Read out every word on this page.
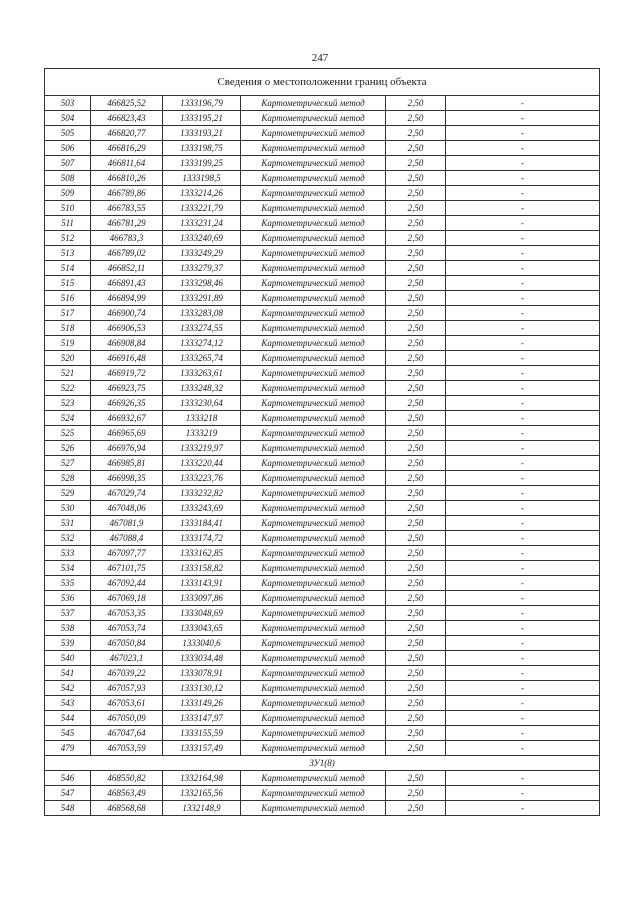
247
Сведения о местоположении границ объекта					
503	466825,52	1333196,79	Картометрический метод	2,50	-
504	466823,43	1333195,21	Картометрический метод	2,50	-
505	466820,77	1333193,21	Картометрический метод	2,50	-
506	466816,29	1333198,75	Картометрический метод	2,50	-
507	466811,64	1333199,25	Картометрический метод	2,50	-
508	466810,26	1333198,5	Картометрический метод	2,50	-
509	466789,86	1333214,26	Картометрический метод	2,50	-
510	466783,55	1333221,79	Картометрический метод	2,50	-
511	466781,29	1333231,24	Картометрический метод	2,50	-
512	466783,3	1333240,69	Картометрический метод	2,50	-
513	466789,02	1333249,29	Картометрический метод	2,50	-
514	466852,11	1333279,37	Картометрический метод	2,50	-
515	466891,43	1333298,46	Картометрический метод	2,50	-
516	466894,99	1333291,89	Картометрический метод	2,50	-
517	466900,74	1333283,08	Картометрический метод	2,50	-
518	466906,53	1333274,55	Картометрический метод	2,50	-
519	466908,84	1333274,12	Картометрический метод	2,50	-
520	466916,48	1333265,74	Картометрический метод	2,50	-
521	466919,72	1333263,61	Картометрический метод	2,50	-
522	466923,75	1333248,32	Картометрический метод	2,50	-
523	466926,35	1333230,64	Картометрический метод	2,50	-
524	466932,67	1333218	Картометрический метод	2,50	-
525	466965,69	1333219	Картометрический метод	2,50	-
526	466976,94	1333219,97	Картометрический метод	2,50	-
527	466985,81	1333220,44	Картометрический метод	2,50	-
528	466998,35	1333223,76	Картометрический метод	2,50	-
529	467029,74	1333232,82	Картометрический метод	2,50	-
530	467048,06	1333243,69	Картометрический метод	2,50	-
531	467081,9	1333184,41	Картометрический метод	2,50	-
532	467088,4	1333174,72	Картометрический метод	2,50	-
533	467097,77	1333162,85	Картометрический метод	2,50	-
534	467101,75	1333158,82	Картометрический метод	2,50	-
535	467092,44	1333143,91	Картометрический метод	2,50	-
536	467069,18	1333097,86	Картометрический метод	2,50	-
537	467053,35	1333048,69	Картометрический метод	2,50	-
538	467053,74	1333043,65	Картометрический метод	2,50	-
539	467050,84	1333040,6	Картометрический метод	2,50	-
540	467023,1	1333034,48	Картометрический метод	2,50	-
541	467039,22	1333078,91	Картометрический метод	2,50	-
542	467057,93	1333130,12	Картометрический метод	2,50	-
543	467053,61	1333149,26	Картометрический метод	2,50	-
544	467050,09	1333147,97	Картометрический метод	2,50	-
545	467047,64	1333155,59	Картометрический метод	2,50	-
479	467053,59	1333157,49	Картометрический метод	2,50	-
ЗУ1(8)					
546	468550,82	1332164,98	Картометрический метод	2,50	-
547	468563,49	1332165,56	Картометрический метод	2,50	-
548	468568,68	1332148,9	Картометрический метод	2,50	-
